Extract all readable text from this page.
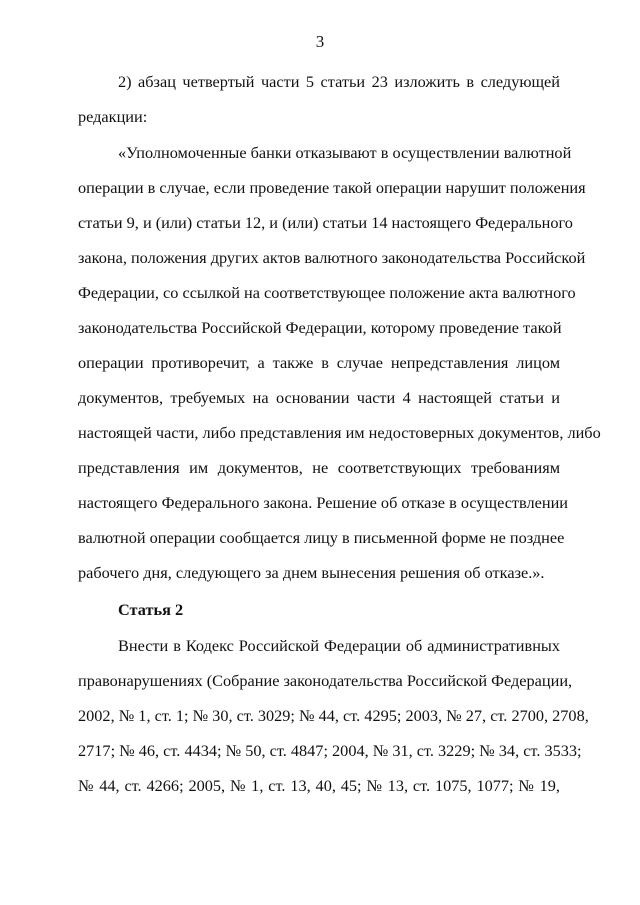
3
2) абзац четвертый части 5 статьи 23 изложить в следующей
редакции:
«Уполномоченные банки отказывают в осуществлении валютной
операции в случае, если проведение такой операции нарушит положения
статьи 9, и (или) статьи 12, и (или) статьи 14 настоящего Федерального
закона, положения других актов валютного законодательства Российской
Федерации, со ссылкой на соответствующее положение акта валютного
законодательства Российской Федерации, которому проведение такой
операции противоречит, а также в случае непредставления лицом
документов, требуемых на основании части 4 настоящей статьи и
настоящей части, либо представления им недостоверных документов, либо
представления им документов, не соответствующих требованиям
настоящего Федерального закона. Решение об отказе в осуществлении
валютной операции сообщается лицу в письменной форме не позднее
рабочего дня, следующего за днем вынесения решения об отказе.».
Статья 2
Внести в Кодекс Российской Федерации об административных
правонарушениях (Собрание законодательства Российской Федерации,
2002, № 1, ст. 1; № 30, ст. 3029; № 44, ст. 4295; 2003, № 27, ст. 2700, 2708,
2717; № 46, ст. 4434; № 50, ст. 4847; 2004, № 31, ст. 3229; № 34, ст. 3533;
№ 44, ст. 4266; 2005, № 1, ст. 13, 40, 45; № 13, ст. 1075, 1077; № 19,
